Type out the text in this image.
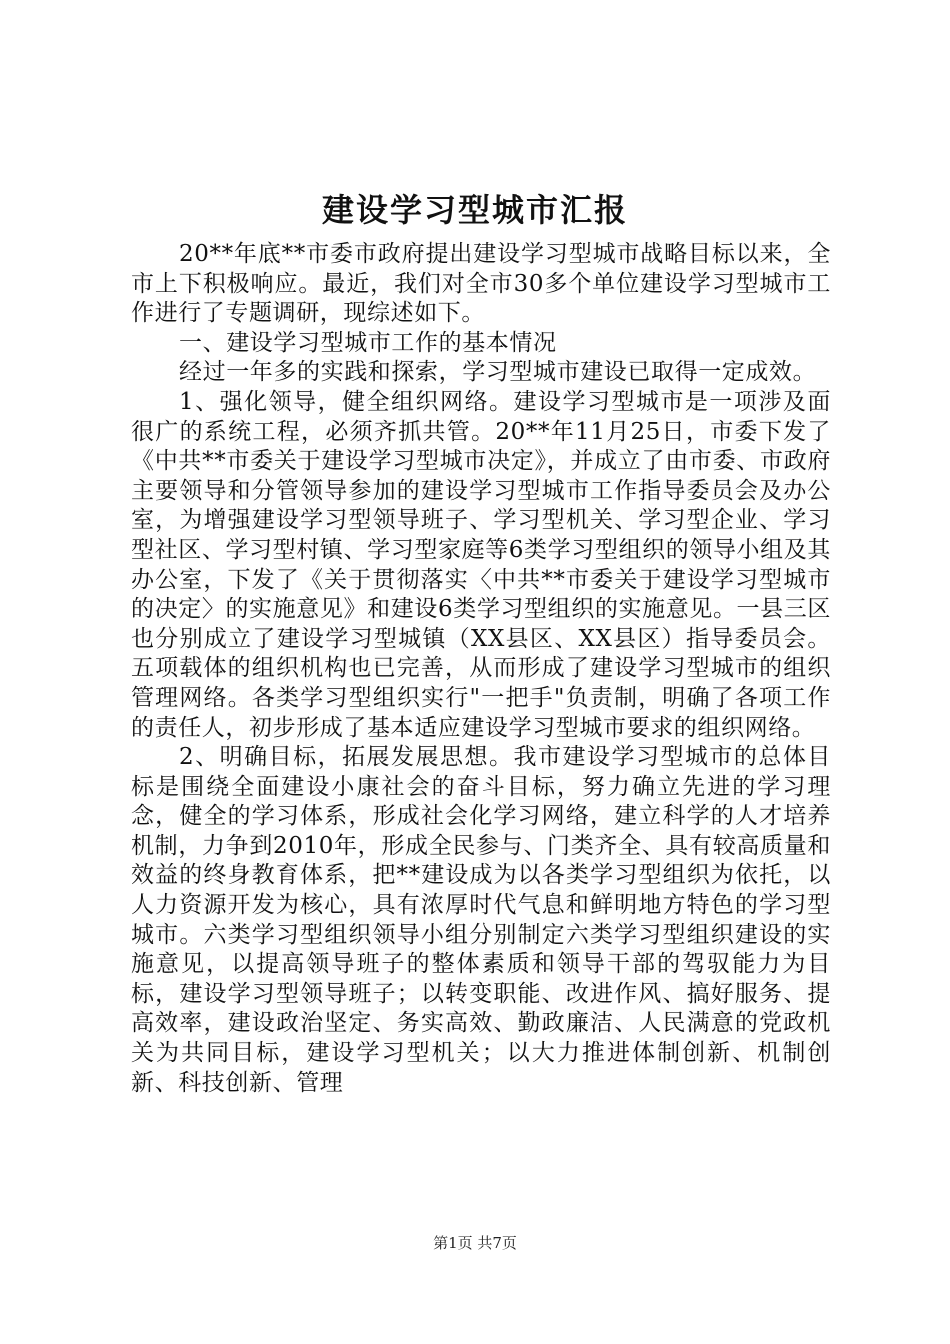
建设学习型城市汇报

20**年底**市委市政府提出建设学习型城市战略目标以来，全市上下积极响应。最近，我们对全市30多个单位建设学习型城市工作进行了专题调研，现综述如下。

一、建设学习型城市工作的基本情况

经过一年多的实践和探索，学习型城市建设已取得一定成效。

1、强化领导，健全组织网络。建设学习型城市是一项涉及面很广的系统工程，必须齐抓共管。20**年11月25日，市委下发了《中共**市委关于建设学习型城市决定》，并成立了由市委、市政府主要领导和分管领导参加的建设学习型城市工作指导委员会及办公室，为增强建设学习型领导班子、学习型机关、学习型企业、学习型社区、学习型村镇、学习型家庭等6类学习型组织的领导小组及其办公室，下发了《关于贯彻落实〈中共**市委关于建设学习型城市的决定〉的实施意见》和建设6类学习型组织的实施意见。一县三区也分别成立了建设学习型城镇（XX县区、XX县区）指导委员会。五项载体的组织机构也已完善，从而形成了建设学习型城市的组织管理网络。各类学习型组织实行"一把手"负责制，明确了各项工作的责任人，初步形成了基本适应建设学习型城市要求的组织网络。

2、明确目标，拓展发展思想。我市建设学习型城市的总体目标是围绕全面建设小康社会的奋斗目标，努力确立先进的学习理念，健全的学习体系，形成社会化学习网络，建立科学的人才培养机制，力争到2010年，形成全民参与、门类齐全、具有较高质量和效益的终身教育体系，把**建设成为以各类学习型组织为依托，以人力资源开发为核心，具有浓厚时代气息和鲜明地方特色的学习型城市。六类学习型组织领导小组分别制定六类学习型组织建设的实施意见，以提高领导班子的整体素质和领导干部的驾驭能力为目标，建设学习型领导班子；以转变职能、改进作风、搞好服务、提高效率，建设政治坚定、务实高效、勤政廉洁、人民满意的党政机关为共同目标，建设学习型机关；以大力推进体制创新、机制创新、科技创新、管理

第1页 共7页
